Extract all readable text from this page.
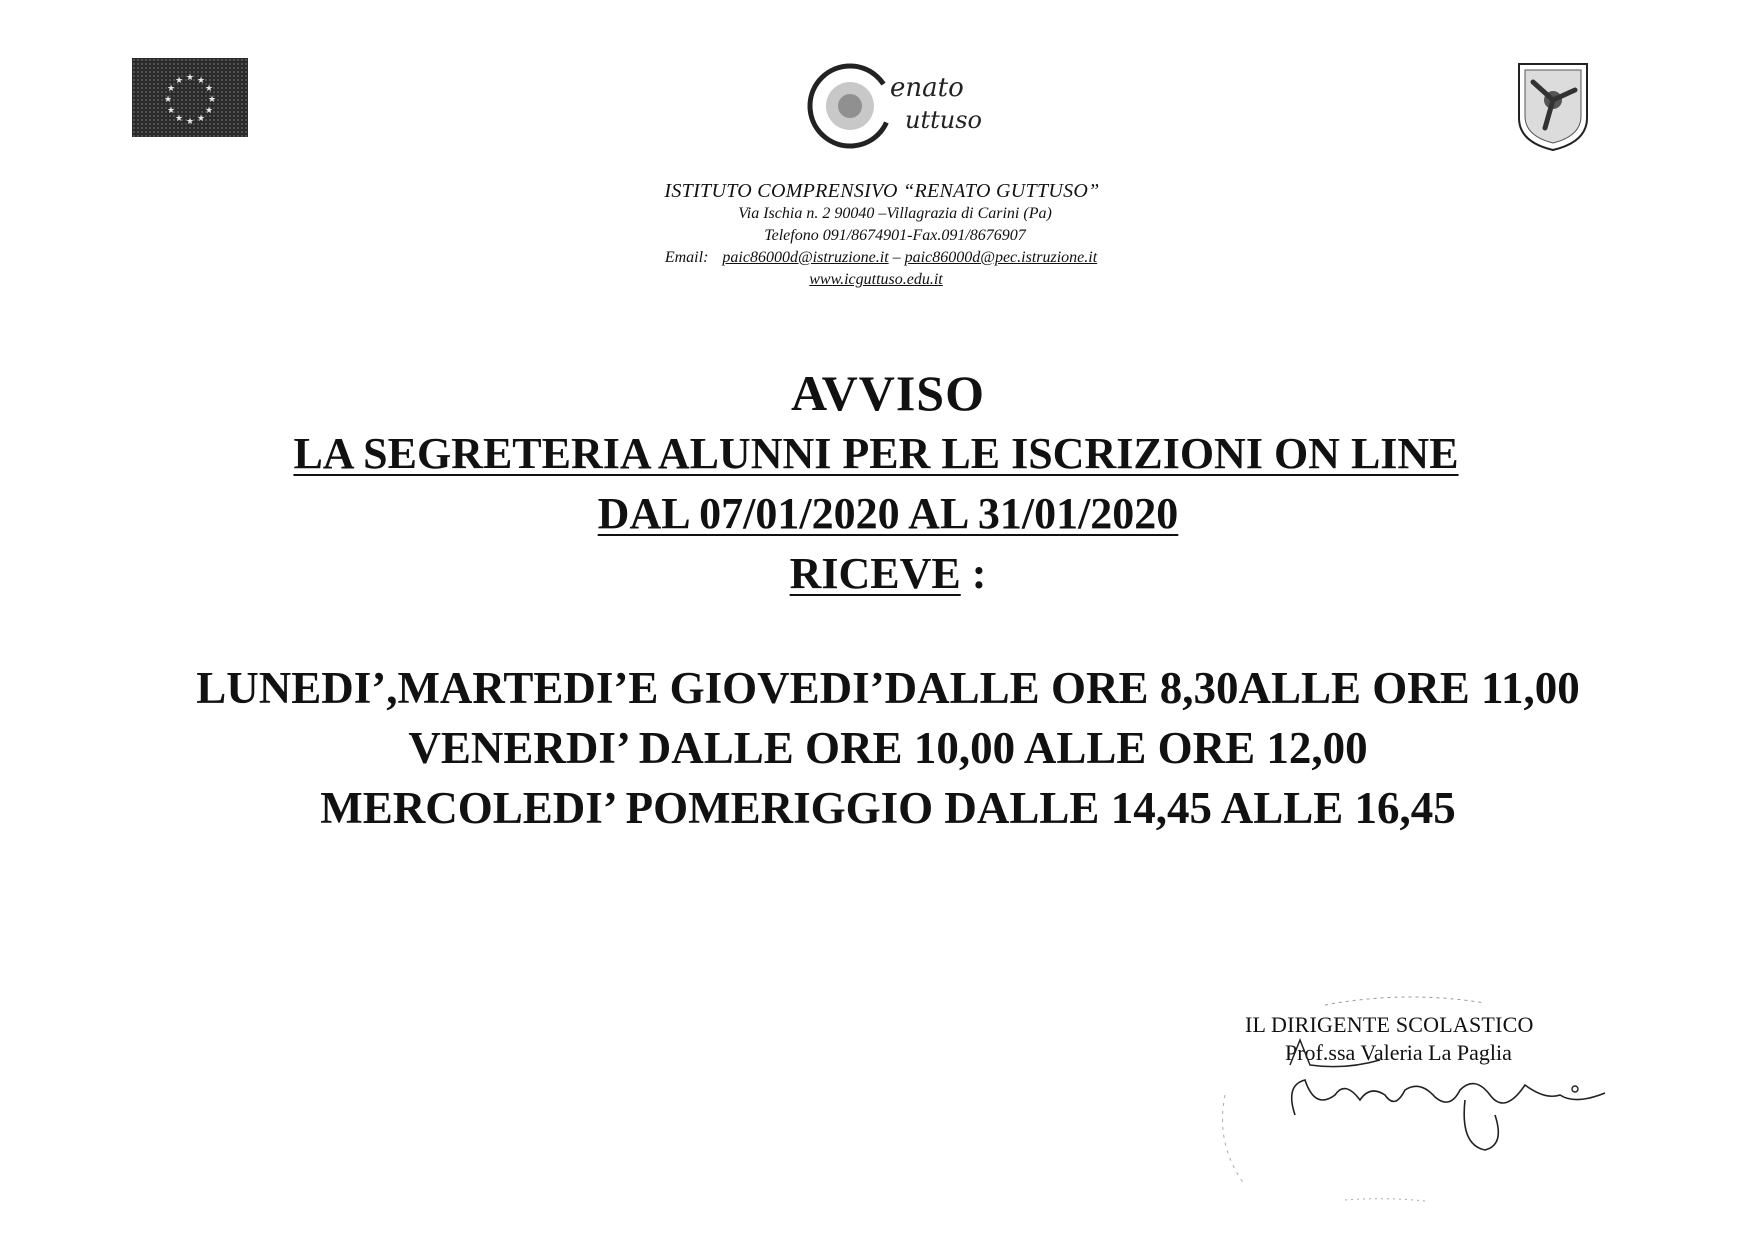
★ ★
★
★
★
★
★
★
★
★
★
★	enato
uttuso
ISTITUTO COMPRENSIVO “RENATO GUTTUSO”
Via Ischia n. 2 90040 –Villagrazia di Carini (Pa)
Telefono 091/8674901-Fax.091/8676907
Email: paic86000d@istruzione.it – paic86000d@pec.istruzione.it
www.icguttuso.edu.it
AVVISO
LA SEGRETERIA ALUNNI PER LE ISCRIZIONI ON LINE
DAL 07/01/2020 AL 31/01/2020
RICEVE :
LUNEDI’,MARTEDI’E GIOVEDI’DALLE ORE 8,30ALLE ORE 11,00
VENERDI’ DALLE ORE 10,00 ALLE ORE 12,00
MERCOLEDI’ POMERIGGIO DALLE 14,45 ALLE 16,45
IL DIRIGENTE SCOLASTICO
Prof.ssa Valeria La Paglia
